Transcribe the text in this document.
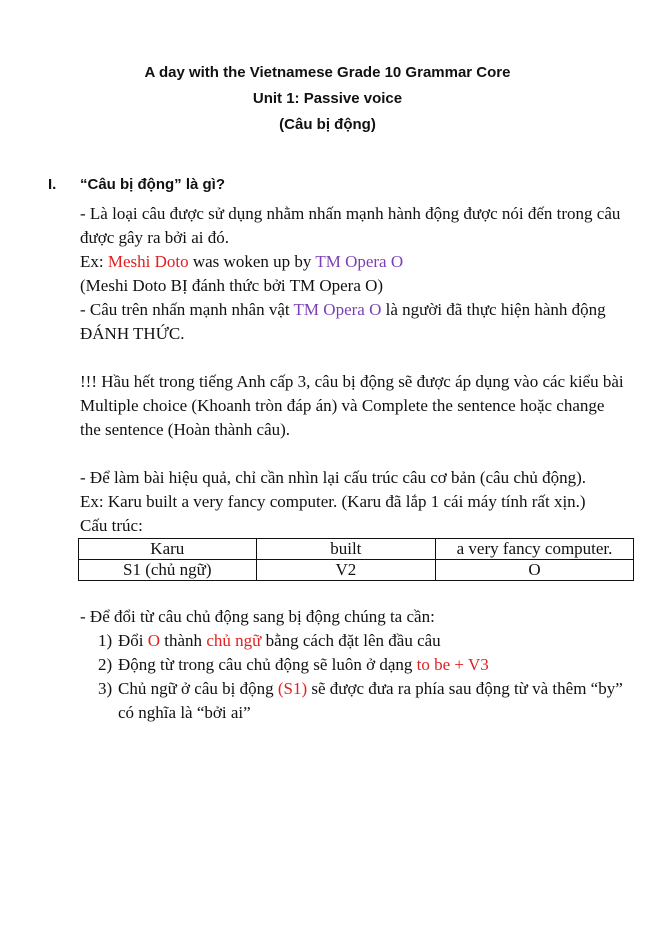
A day with the Vietnamese Grade 10 Grammar Core
Unit 1: Passive voice
(Câu bị động)
I. “Câu bị động” là gì?

- Là loại câu được sử dụng nhằm nhấn mạnh hành động được nói đến trong câu được gây ra bởi ai đó.

Ex: Meshi Doto was woken up by TM Opera O

(Meshi Doto BỊ đánh thức bởi TM Opera O)

- Câu trên nhấn mạnh nhân vật TM Opera O là người đã thực hiện hành động ĐÁNH THỨC.

!!! Hầu hết trong tiếng Anh cấp 3, câu bị động sẽ được áp dụng vào các kiểu bài Multiple choice (Khoanh tròn đáp án) và Complete the sentence hoặc change the sentence (Hoàn thành câu).

- Để làm bài hiệu quả, chỉ cần nhìn lại cấu trúc câu cơ bản (câu chủ động).

Ex: Karu built a very fancy computer. (Karu đã lắp 1 cái máy tính rất xịn.)

Cấu trúc:

Karu	built	a very fancy computer.
S1 (chủ ngữ)	V2	O

- Để đổi từ câu chủ động sang bị động chúng ta cần:

1) Đổi O thành chủ ngữ bằng cách đặt lên đầu câu
2) Động từ trong câu chủ động sẽ luôn ở dạng to be + V3
3) Chủ ngữ ở câu bị động (S1) sẽ được đưa ra phía sau động từ và thêm “by” có nghĩa là “bởi ai”
